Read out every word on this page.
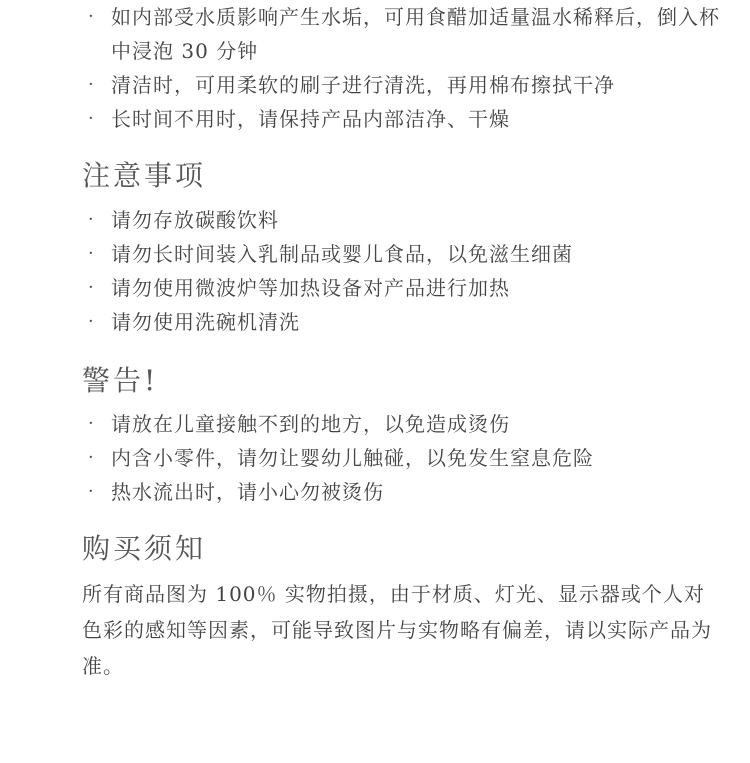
· 如内部受水质影响产生水垢，可用食醋加适量温水稀释后，倒入杯中浸泡 30 分钟
· 清洁时，可用柔软的刷子进行清洗，再用棉布擦拭干净
· 长时间不用时，请保持产品内部洁净、干燥
注意事项
· 请勿存放碳酸饮料
· 请勿长时间装入乳制品或婴儿食品，以免滋生细菌
· 请勿使用微波炉等加热设备对产品进行加热
· 请勿使用洗碗机清洗
警告!
· 请放在儿童接触不到的地方，以免造成烫伤
· 内含小零件，请勿让婴幼儿触碰，以免发生窒息危险
· 热水流出时，请小心勿被烫伤
购买须知

所有商品图为 100％ 实物拍摄，由于材质、灯光、显示器或个人对色彩的感知等因素，可能导致图片与实物略有偏差，请以实际产品为准。
